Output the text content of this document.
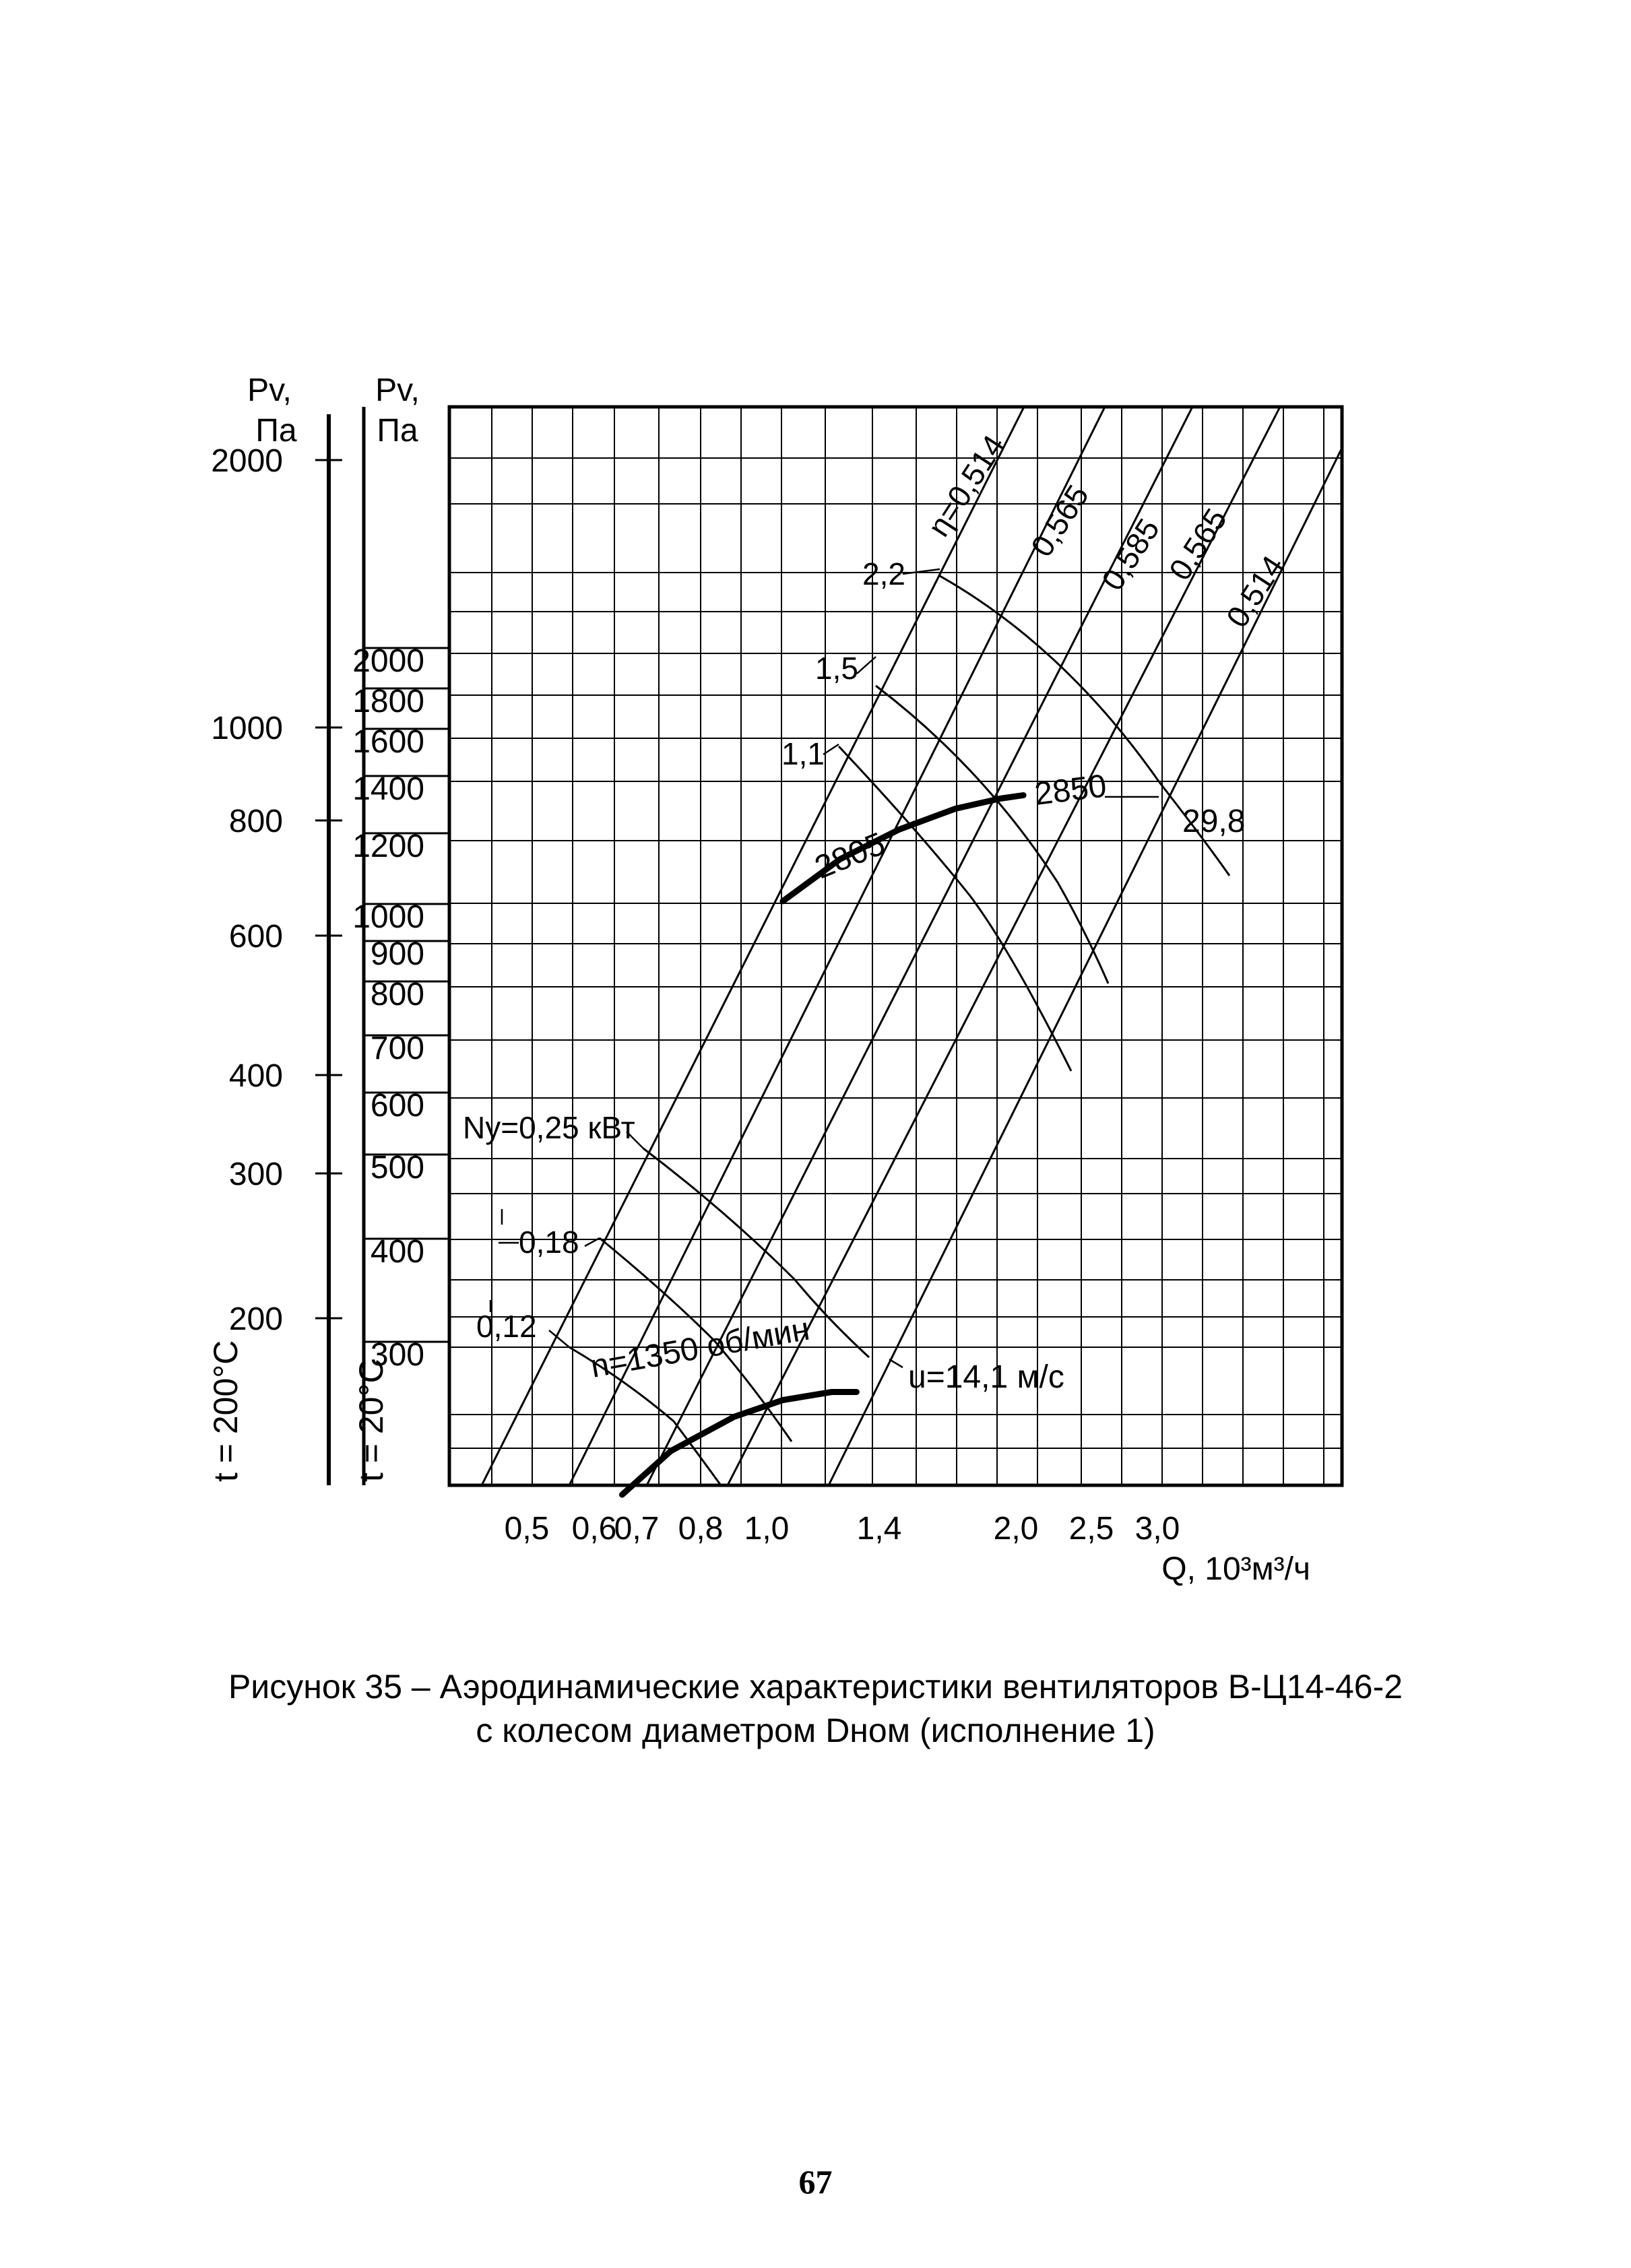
2000
1000
800
600
400
300
200
2000
1800
1600
1400
1200
1000
900
800
700
600
500
400
300
Pv,
Па
Pv,
Па
t = 200°C	t = 20°C
0,5 0,6
0,7 0,8 1,0 1,4	2,0 2,5 3,0
Q, 10³м³/ч
η=0,514 0,565
0,585
0,565
0,514
2,2
1,5
1,1
Ny=0,25 кВт
0,18
0,12 n=1350 об/мин
2805
2850
u=14,1 м/с
29,8
Рисунок 35 – Аэродинамические характеристики вентиляторов В-Ц14-46-2
с колесом диаметром Dном (исполнение 1)
67
